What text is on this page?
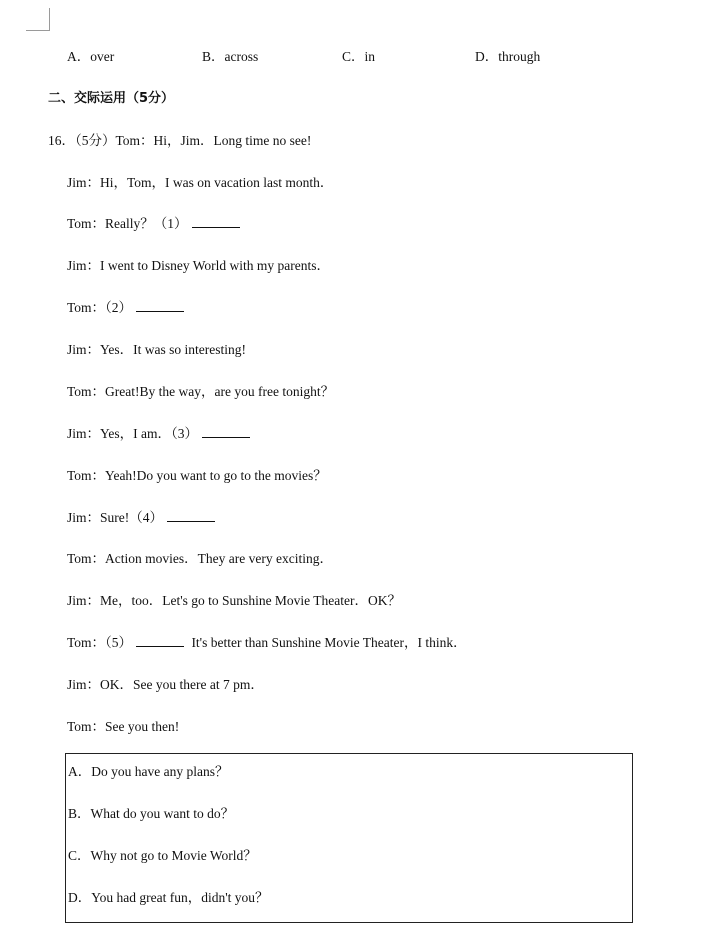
A．over	B．across	C．in	D．through
二、交际运用（5分）
16．（5分）Tom：Hi，Jim．Long time no see!
Jim：Hi，Tom，I was on vacation last month．
Tom：Really？（1）
Jim：I went to Disney World with my parents．
Tom：（2）
Jim：Yes．It was so interesting!
Tom：Great!By the way，are you free tonight？
Jim：Yes，I am．（3）
Tom：Yeah!Do you want to go to the movies？
Jim：Sure!（4）
Tom：Action movies．They are very exciting．
Jim：Me，too．Let's go to Sunshine Movie Theater．OK？
Tom：（5）	It's better than Sunshine Movie Theater，I think．
Jim：OK．See you there at 7 pm．
Tom：See you then!
A．Do you have any plans？
B．What do you want to do？
C．Why not go to Movie World？
D．You had great fun，didn't you？
